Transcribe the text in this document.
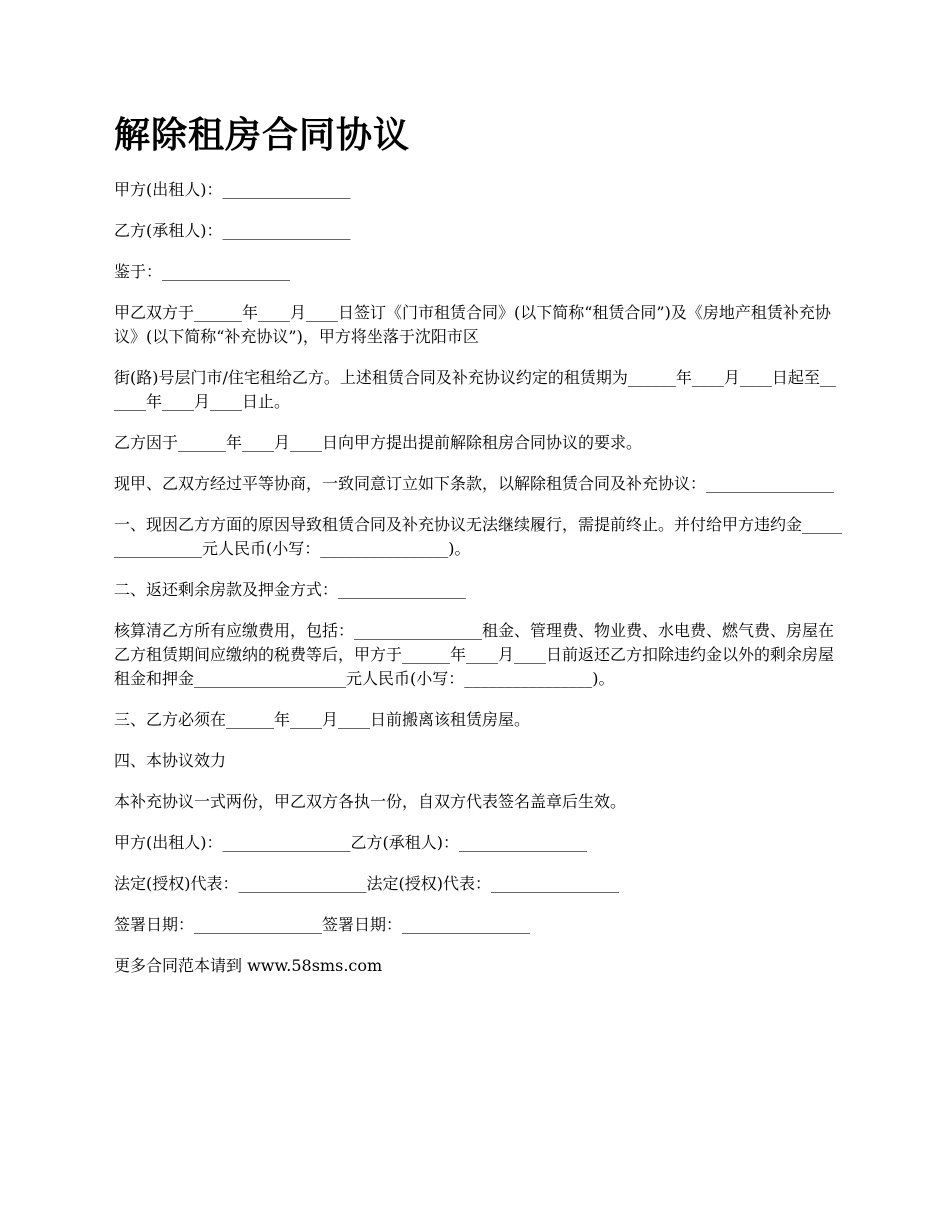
解除租房合同协议

甲方(出租人)：________________

乙方(承租人)：________________

鉴于：________________

甲乙双方于______年____月____日签订《门市租赁合同》(以下简称“租赁合同”)及《房地产租赁补充协议》(以下简称“补充协议”)，甲方将坐落于沈阳市区

街(路)号层门市/住宅租给乙方。上述租赁合同及补充协议约定的租赁期为______年____月____日起至______年____月____日止。

乙方因于______年____月____日向甲方提出提前解除租房合同协议的要求。

现甲、乙双方经过平等协商，一致同意订立如下条款，以解除租赁合同及补充协议：________________

一、现因乙方方面的原因导致租赁合同及补充协议无法继续履行，需提前终止。并付给甲方违约金________________元人民币(小写：________________)。

二、返还剩余房款及押金方式：________________

核算清乙方所有应缴费用，包括：________________租金、管理费、物业费、水电费、燃气费、房屋在乙方租赁期间应缴纳的税费等后，甲方于______年____月____日前返还乙方扣除违约金以外的剩余房屋租金和押金___________________元人民币(小写：________________)。

三、乙方必须在______年____月____日前搬离该租赁房屋。

四、本协议效力

本补充协议一式两份，甲乙双方各执一份，自双方代表签名盖章后生效。

甲方(出租人)：________________乙方(承租人)：________________

法定(授权)代表：________________法定(授权)代表：________________

签署日期：________________签署日期：________________

更多合同范本请到 www.58sms.com
